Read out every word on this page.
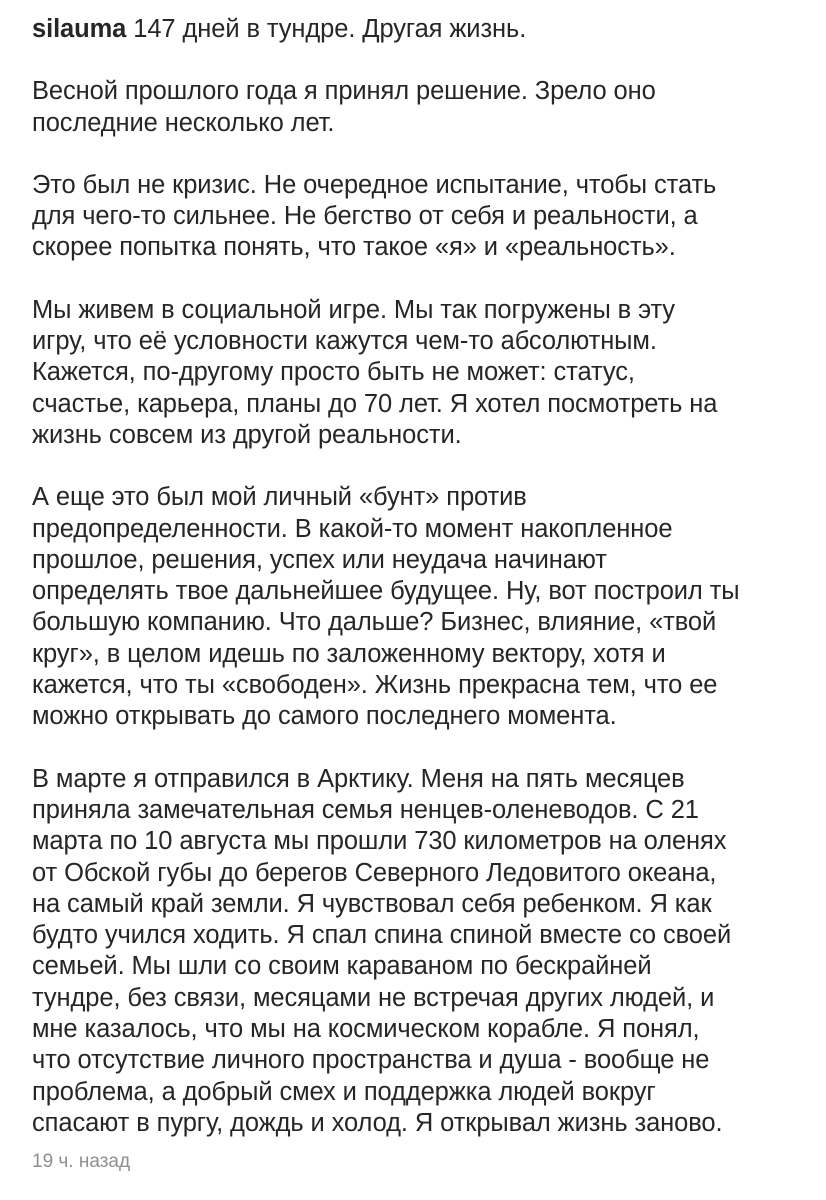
silauma 147 дней в тундре. Другая жизнь.
Весной прошлого года я принял решение. Зрело оно
последние несколько лет.
Это был не кризис. Не очередное испытание, чтобы стать
для чего-то сильнее. Не бегство от себя и реальности, а
скорее попытка понять, что такое «я» и «реальность».
Мы живем в социальной игре. Мы так погружены в эту
игру, что её условности кажутся чем-то абсолютным.
Кажется, по-другому просто быть не может: статус,
счастье, карьера, планы до 70 лет. Я хотел посмотреть на
жизнь совсем из другой реальности.
А еще это был мой личный «бунт» против
предопределенности. В какой-то момент накопленное
прошлое, решения, успех или неудача начинают
определять твое дальнейшее будущее. Ну, вот построил ты
большую компанию. Что дальше? Бизнес, влияние, «твой
круг», в целом идешь по заложенному вектору, хотя и
кажется, что ты «свободен». Жизнь прекрасна тем, что ее
можно открывать до самого последнего момента.
В марте я отправился в Арктику. Меня на пять месяцев
приняла замечательная семья ненцев-оленеводов. С 21
марта по 10 августа мы прошли 730 километров на оленях
от Обской губы до берегов Северного Ледовитого океана,
на самый край земли. Я чувствовал себя ребенком. Я как
будто учился ходить. Я спал спина спиной вместе со своей
семьей. Мы шли со своим караваном по бескрайней
тундре, без связи, месяцами не встречая других людей, и
мне казалось, что мы на космическом корабле. Я понял,
что отсутствие личного пространства и душа - вообще не
проблема, а добрый смех и поддержка людей вокруг
спасают в пургу, дождь и холод. Я открывал жизнь заново.
19 ч. назад
